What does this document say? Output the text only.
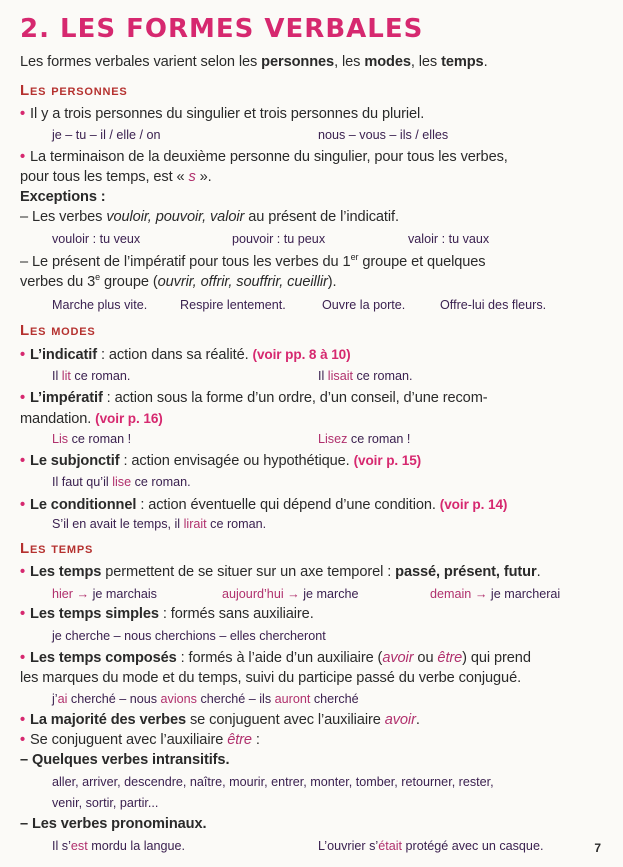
2. LES FORMES VERBALES
Les formes verbales varient selon les personnes, les modes, les temps.
Les personnes
• Il y a trois personnes du singulier et trois personnes du pluriel.
je – tu – il / elle / on	nous – vous – ils / elles
• La terminaison de la deuxième personne du singulier, pour tous les verbes,
pour tous les temps, est « s ».
Exceptions :
– Les verbes vouloir, pouvoir, valoir au présent de l’indicatif.
vouloir : tu veux	pouvoir : tu peux	valoir : tu vaux
– Le présent de l’impératif pour tous les verbes du 1er groupe et quelques
verbes du 3e groupe (ouvrir, offrir, souffrir, cueillir).
Marche plus vite.	Respire lentement.	Ouvre la porte.	Offre-lui des fleurs.
Les modes
• L’indicatif : action dans sa réalité. (voir pp. 8 à 10)
Il lit ce roman.	Il lisait ce roman.
• L’impératif : action sous la forme d’un ordre, d’un conseil, d’une recom-
mandation. (voir p. 16)
Lis ce roman !	Lisez ce roman !
• Le subjonctif : action envisagée ou hypothétique. (voir p. 15)
Il faut qu’il lise ce roman.
• Le conditionnel : action éventuelle qui dépend d’une condition. (voir p. 14)
S’il en avait le temps, il lirait ce roman.
Les temps
• Les temps permettent de se situer sur un axe temporel : passé, présent, futur.
hier → je marchais	aujourd’hui → je marche	demain → je marcherai
• Les temps simples : formés sans auxiliaire.
je cherche – nous cherchions – elles chercheront
• Les temps composés : formés à l’aide d’un auxiliaire (avoir ou être) qui prend
les marques du mode et du temps, suivi du participe passé du verbe conjugué.
j’ai cherché – nous avions cherché – ils auront cherché
• La majorité des verbes se conjuguent avec l’auxiliaire avoir.
• Se conjuguent avec l’auxiliaire être :
– Quelques verbes intransitifs.
aller, arriver, descendre, naître, mourir, entrer, monter, tomber, retourner, rester,
venir, sortir, partir...
– Les verbes pronominaux.
Il s’est mordu la langue.	L’ouvrier s’était protégé avec un casque.	7
